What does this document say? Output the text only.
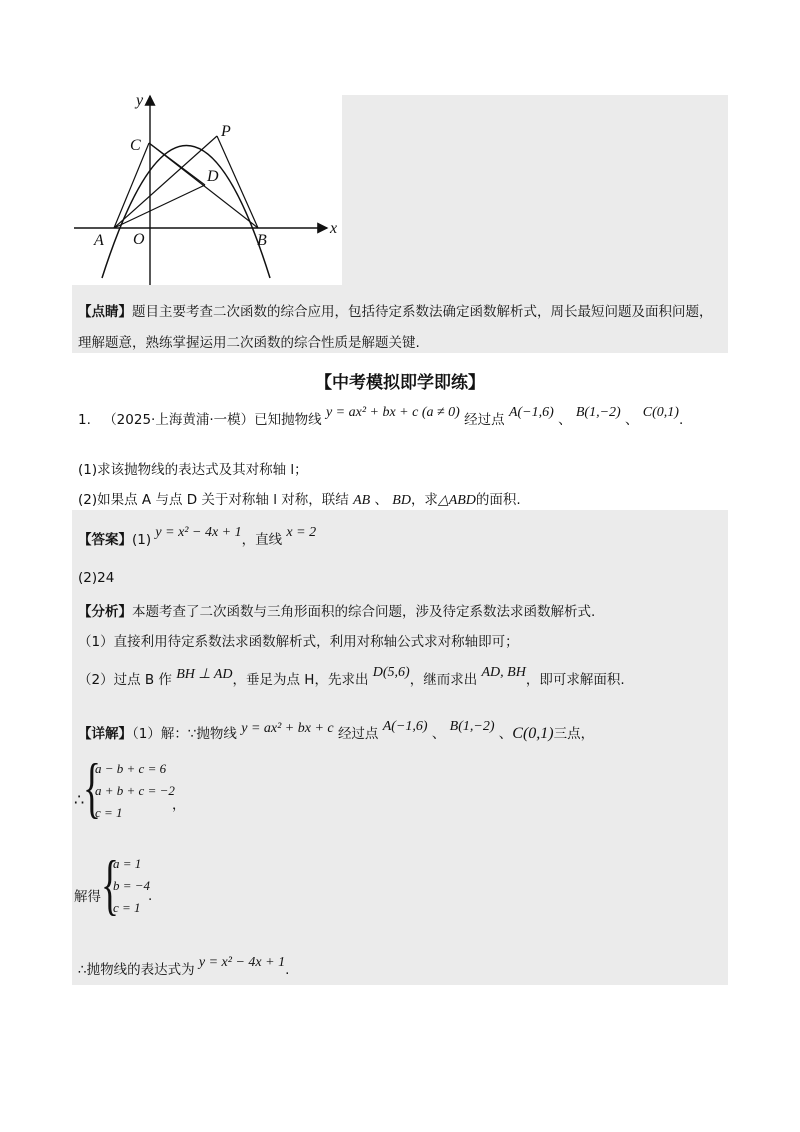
y
x
C
P
D
A O	B
【点睛】题目主要考查二次函数的综合应用，包括待定系数法确定函数解析式，周长最短问题及面积问题，
理解题意，熟练掌握运用二次函数的综合性质是解题关键.
【中考模拟即学即练】
1. （2025·上海黄浦·一模）已知抛物线 y = ax² + bx + c (a ≠ 0) 经过点 A(−1,6) 、 B(1,−2) 、 C(0,1).
(1)求该抛物线的表达式及其对称轴 l；
(2)如果点 A 与点 D 关于对称轴 l 对称，联结 AB 、 BD，求△ABD的面积.
【答案】(1) y = x² − 4x + 1，直线 x = 2
(2)24
【分析】本题考查了二次函数与三角形面积的综合问题，涉及待定系数法求函数解析式.
（1）直接利用待定系数法求函数解析式，利用对称轴公式求对称轴即可；
（2）过点 B 作 BH ⊥ AD，垂足为点 H，先求出 D(5,6)，继而求出 AD, BH，即可求解面积.
【详解】（1）解：∵抛物线 y = ax² + bx + c 经过点 A(−1,6) 、 B(1,−2) 、C(0,1)三点，
∴
{
a − b + c = 6
a + b + c = −2
c = 1	，
解得 {
a = 1
b = −4
c = 1
.
∴抛物线的表达式为 y = x² − 4x + 1.
